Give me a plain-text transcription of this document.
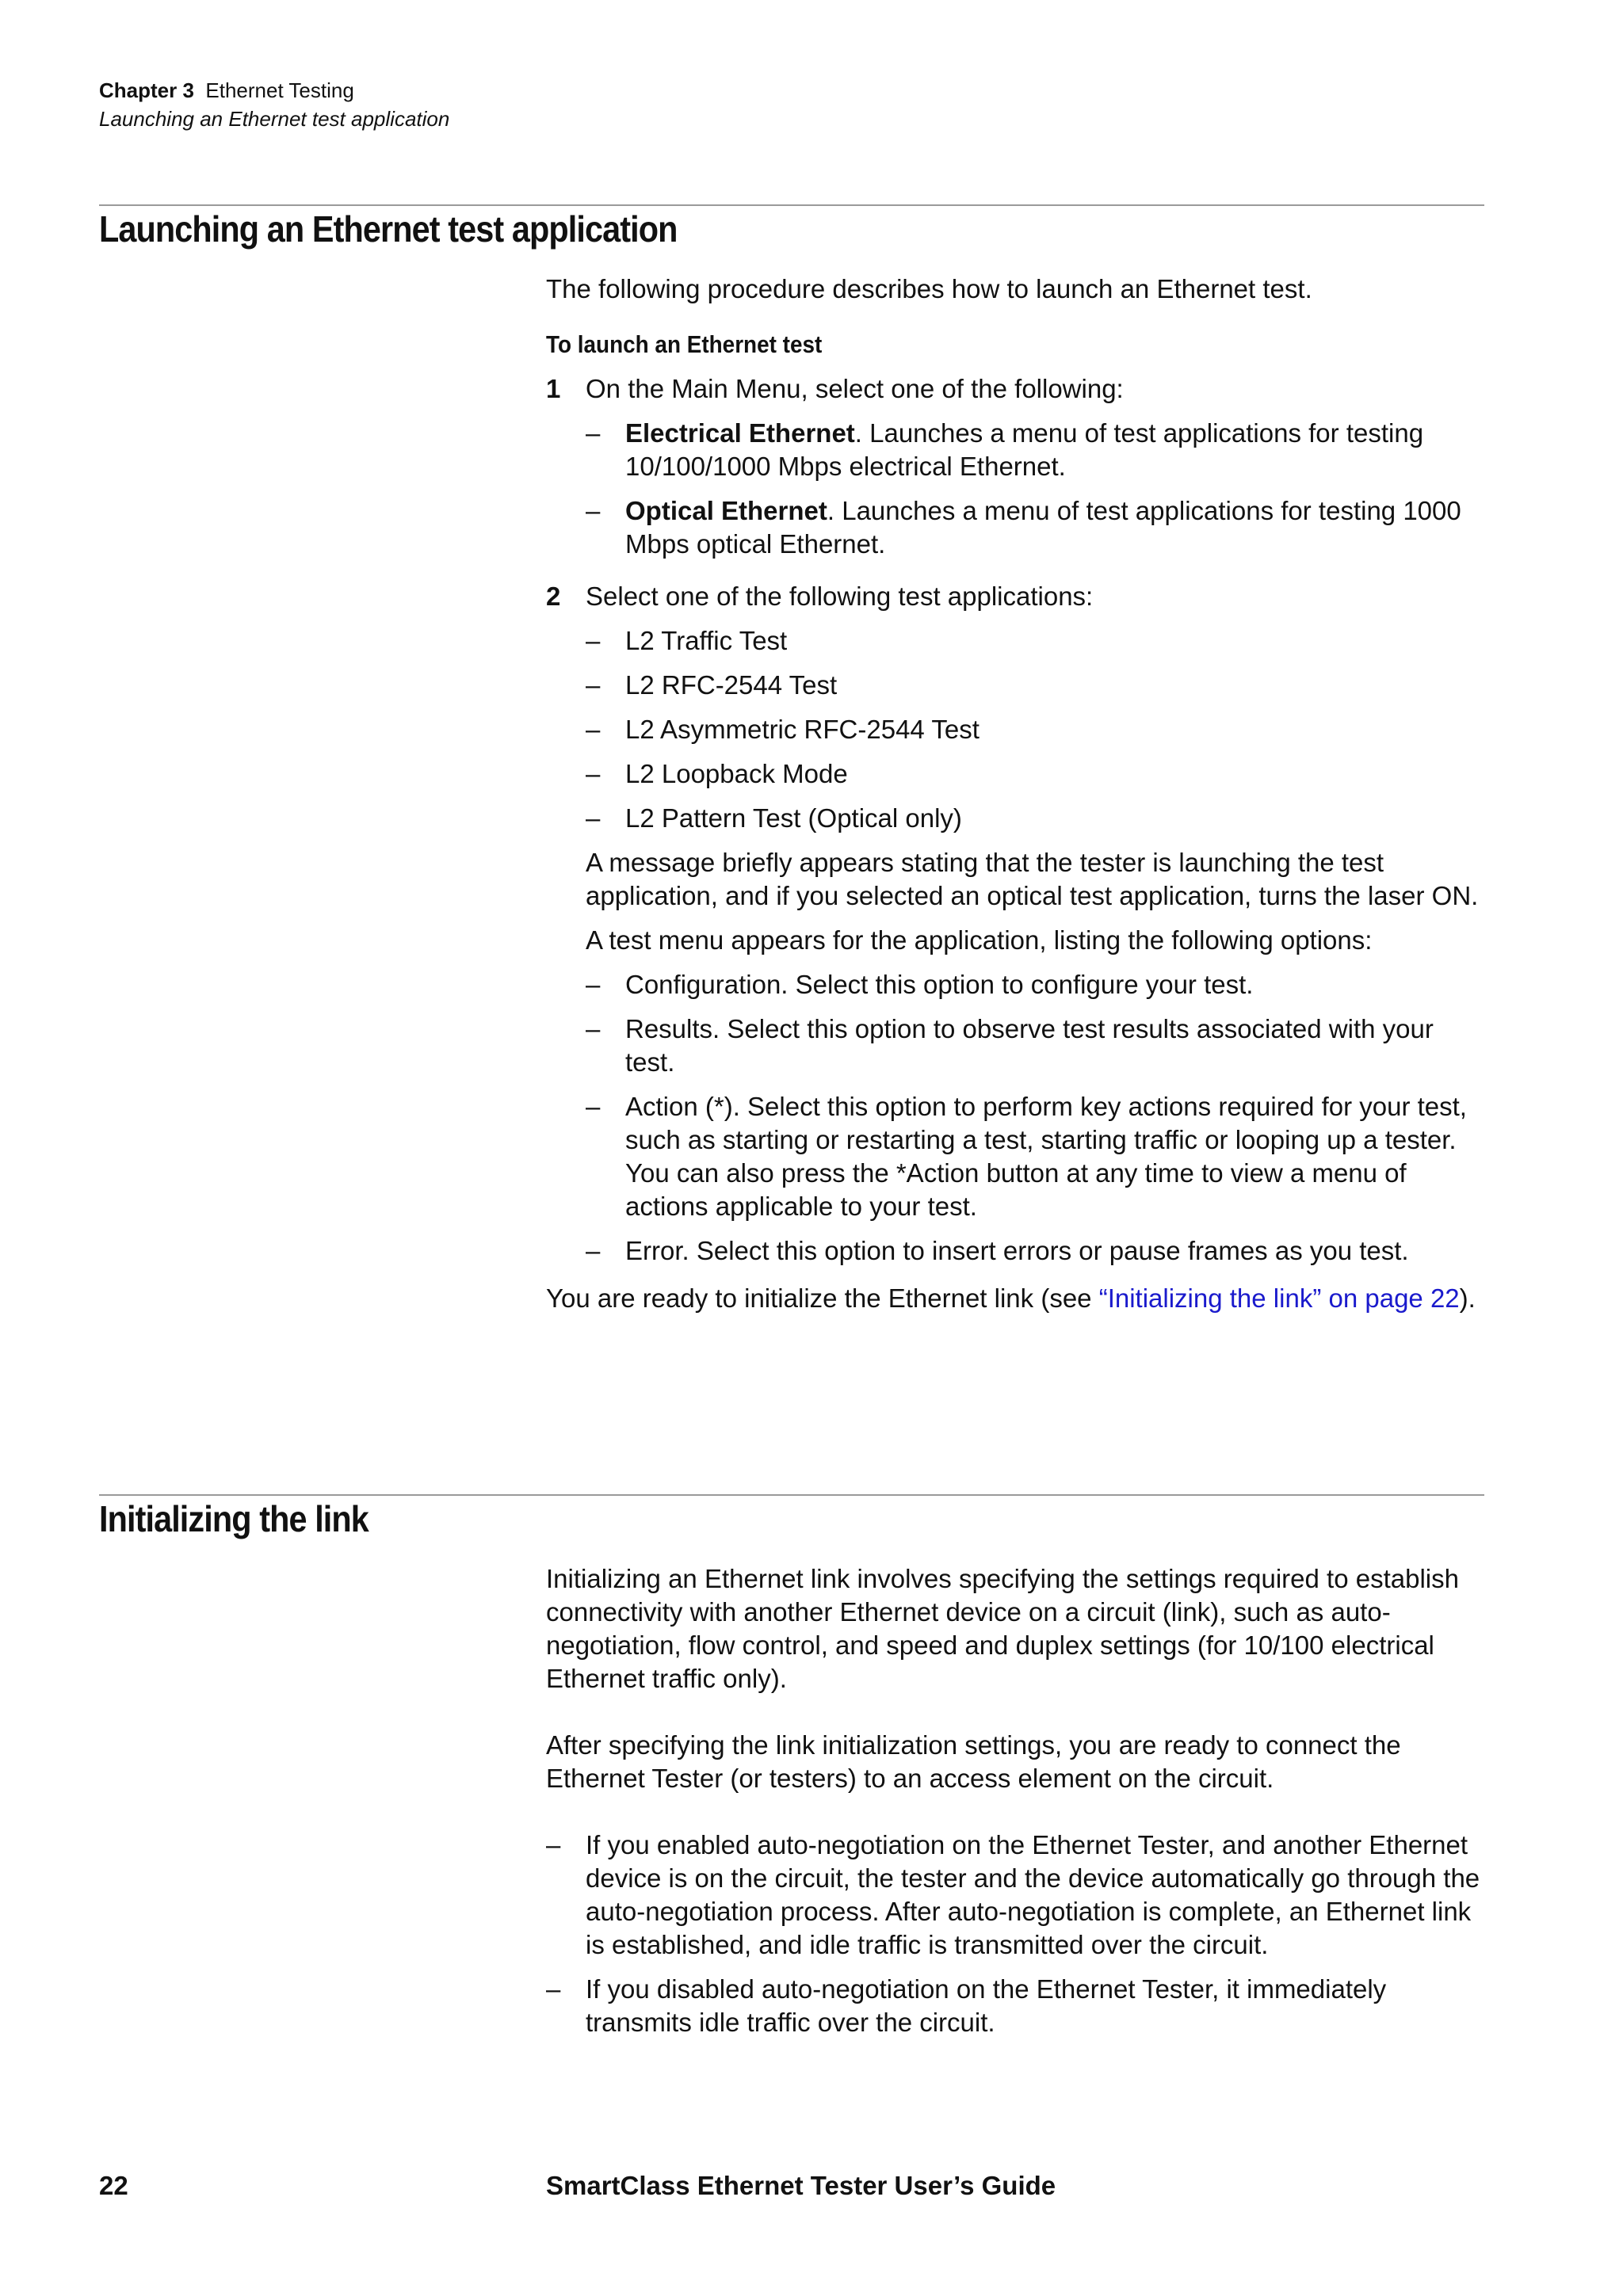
Chapter 3 Ethernet Testing
Launching an Ethernet test application
Launching an Ethernet test application

The following procedure describes how to launch an Ethernet test.

To launch an Ethernet test

1 On the Main Menu, select one of the following:

– Electrical Ethernet. Launches a menu of test applications for testing 10/100/1000 Mbps electrical Ethernet.
– Optical Ethernet. Launches a menu of test applications for testing 1000 Mbps optical Ethernet.
2 Select one of the following test applications:

– L2 Traffic Test
– L2 RFC-2544 Test
– L2 Asymmetric RFC-2544 Test
– L2 Loopback Mode
– L2 Pattern Test (Optical only)

A message briefly appears stating that the tester is launching the test application, and if you selected an optical test application, turns the laser ON.

A test menu appears for the application, listing the following options:

– Configuration. Select this option to configure your test.
– Results. Select this option to observe test results associated with your test.
– Action (*). Select this option to perform key actions required for your test, such as starting or restarting a test, starting traffic or looping up a tester. You can also press the *Action button at any time to view a menu of actions applicable to your test.
– Error. Select this option to insert errors or pause frames as you test.

You are ready to initialize the Ethernet link (see “Initializing the link” on page 22).

Initializing the link

Initializing an Ethernet link involves specifying the settings required to establish connectivity with another Ethernet device on a circuit (link), such as auto-negotiation, flow control, and speed and duplex settings (for 10/100 electrical Ethernet traffic only).

After specifying the link initialization settings, you are ready to connect the Ethernet Tester (or testers) to an access element on the circuit.

– If you enabled auto-negotiation on the Ethernet Tester, and another Ethernet device is on the circuit, the tester and the device automatically go through the auto-negotiation process. After auto-negotiation is complete, an Ethernet link is established, and idle traffic is transmitted over the circuit.
– If you disabled auto-negotiation on the Ethernet Tester, it immediately transmits idle traffic over the circuit.
22	SmartClass Ethernet Tester User’s Guide
